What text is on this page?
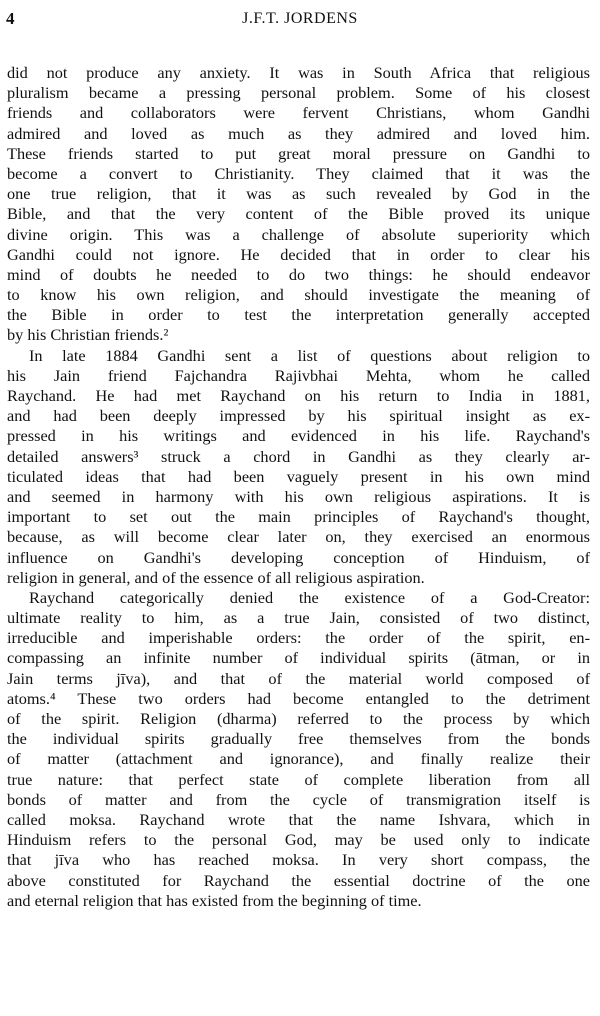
4	J.F.T. JORDENS
did not produce any anxiety. It was in South Africa that religious
pluralism became a pressing personal problem. Some of his closest
friends and collaborators were fervent Christians, whom Gandhi
admired and loved as much as they admired and loved him.
These friends started to put great moral pressure on Gandhi to
become a convert to Christianity. They claimed that it was the
one true religion, that it was as such revealed by God in the
Bible, and that the very content of the Bible proved its unique
divine origin. This was a challenge of absolute superiority which
Gandhi could not ignore. He decided that in order to clear his
mind of doubts he needed to do two things: he should endeavor
to know his own religion, and should investigate the meaning of
the Bible in order to test the interpretation generally accepted
by his Christian friends.²
In late 1884 Gandhi sent a list of questions about religion to
his Jain friend Fajchandra Rajivbhai Mehta, whom he called
Raychand. He had met Raychand on his return to India in 1881,
and had been deeply impressed by his spiritual insight as ex-
pressed in his writings and evidenced in his life. Raychand's
detailed answers³ struck a chord in Gandhi as they clearly ar-
ticulated ideas that had been vaguely present in his own mind
and seemed in harmony with his own religious aspirations. It is
important to set out the main principles of Raychand's thought,
because, as will become clear later on, they exercised an enormous
influence on Gandhi's developing conception of Hinduism, of
religion in general, and of the essence of all religious aspiration.
Raychand categorically denied the existence of a God-Creator:
ultimate reality to him, as a true Jain, consisted of two distinct,
irreducible and imperishable orders: the order of the spirit, en-
compassing an infinite number of individual spirits (ātman, or in
Jain terms jīva), and that of the material world composed of
atoms.⁴ These two orders had become entangled to the detriment
of the spirit. Religion (dharma) referred to the process by which
the individual spirits gradually free themselves from the bonds
of matter (attachment and ignorance), and finally realize their
true nature: that perfect state of complete liberation from all
bonds of matter and from the cycle of transmigration itself is
called moksa. Raychand wrote that the name Ishvara, which in
Hinduism refers to the personal God, may be used only to indicate
that jīva who has reached moksa. In very short compass, the
above constituted for Raychand the essential doctrine of the one
and eternal religion that has existed from the beginning of time.
